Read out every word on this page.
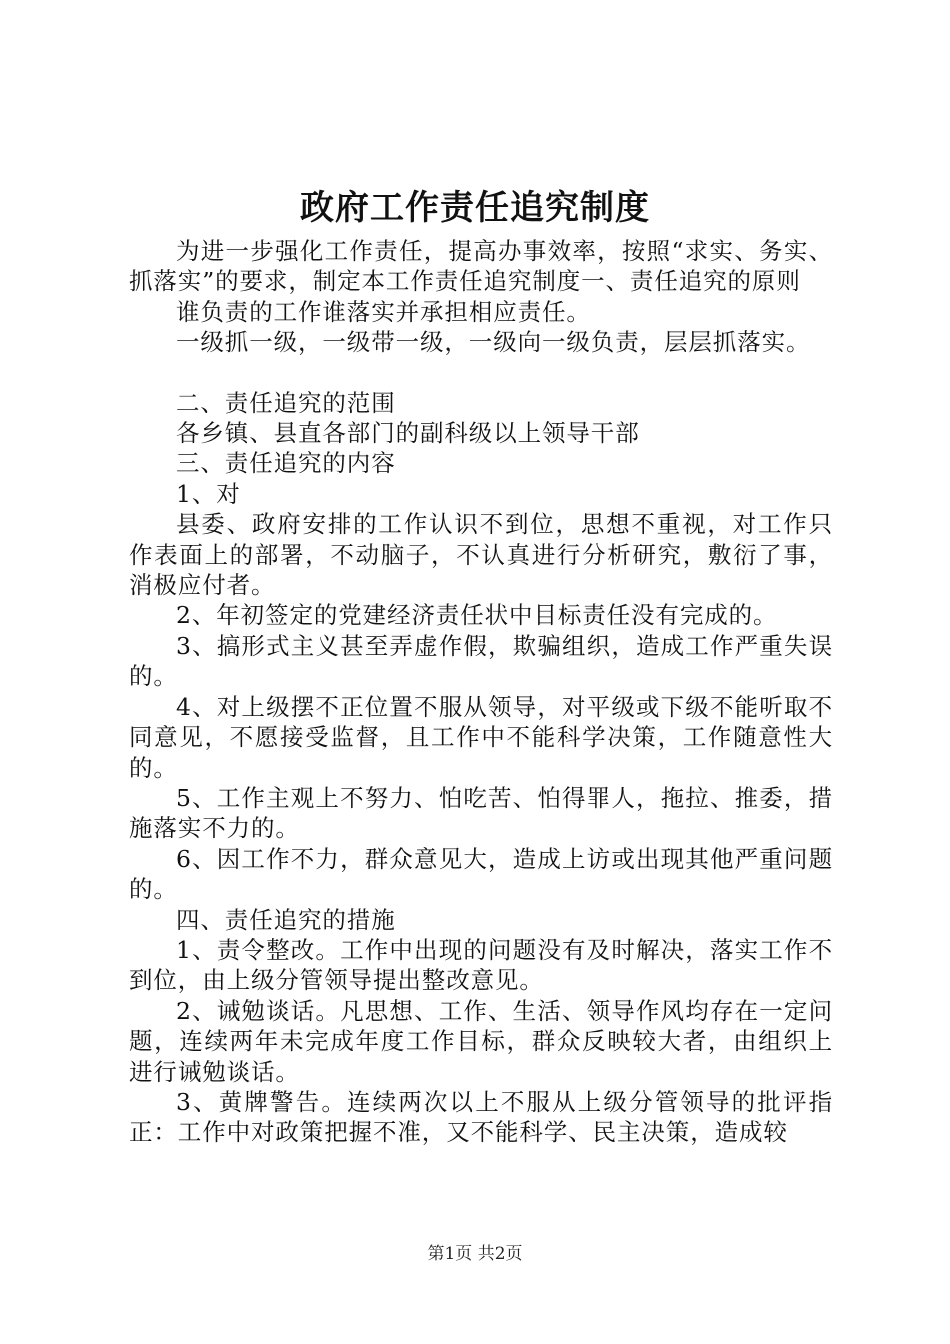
政府工作责任追究制度

为进一步强化工作责任，提高办事效率，按照“求实、务实、抓落实”的要求，制定本工作责任追究制度一、责任追究的原则

谁负责的工作谁落实并承担相应责任。

一级抓一级，一级带一级，一级向一级负责，层层抓落实。

二、责任追究的范围

各乡镇、县直各部门的副科级以上领导干部

三、责任追究的内容

1、对

县委、政府安排的工作认识不到位，思想不重视，对工作只作表面上的部署，不动脑子，不认真进行分析研究，敷衍了事，消极应付者。

2、年初签定的党建经济责任状中目标责任没有完成的。

3、搞形式主义甚至弄虚作假，欺骗组织，造成工作严重失误的。

4、对上级摆不正位置不服从领导，对平级或下级不能听取不同意见，不愿接受监督，且工作中不能科学决策，工作随意性大的。

5、工作主观上不努力、怕吃苦、怕得罪人，拖拉、推委，措施落实不力的。

6、因工作不力，群众意见大，造成上访或出现其他严重问题的。

四、责任追究的措施

1、责令整改。工作中出现的问题没有及时解决，落实工作不到位，由上级分管领导提出整改意见。

2、诫勉谈话。凡思想、工作、生活、领导作风均存在一定问题，连续两年未完成年度工作目标，群众反映较大者，由组织上进行诫勉谈话。

3、黄牌警告。连续两次以上不服从上级分管领导的批评指正：工作中对政策把握不准，又不能科学、民主决策，造成较

第1页 共2页
